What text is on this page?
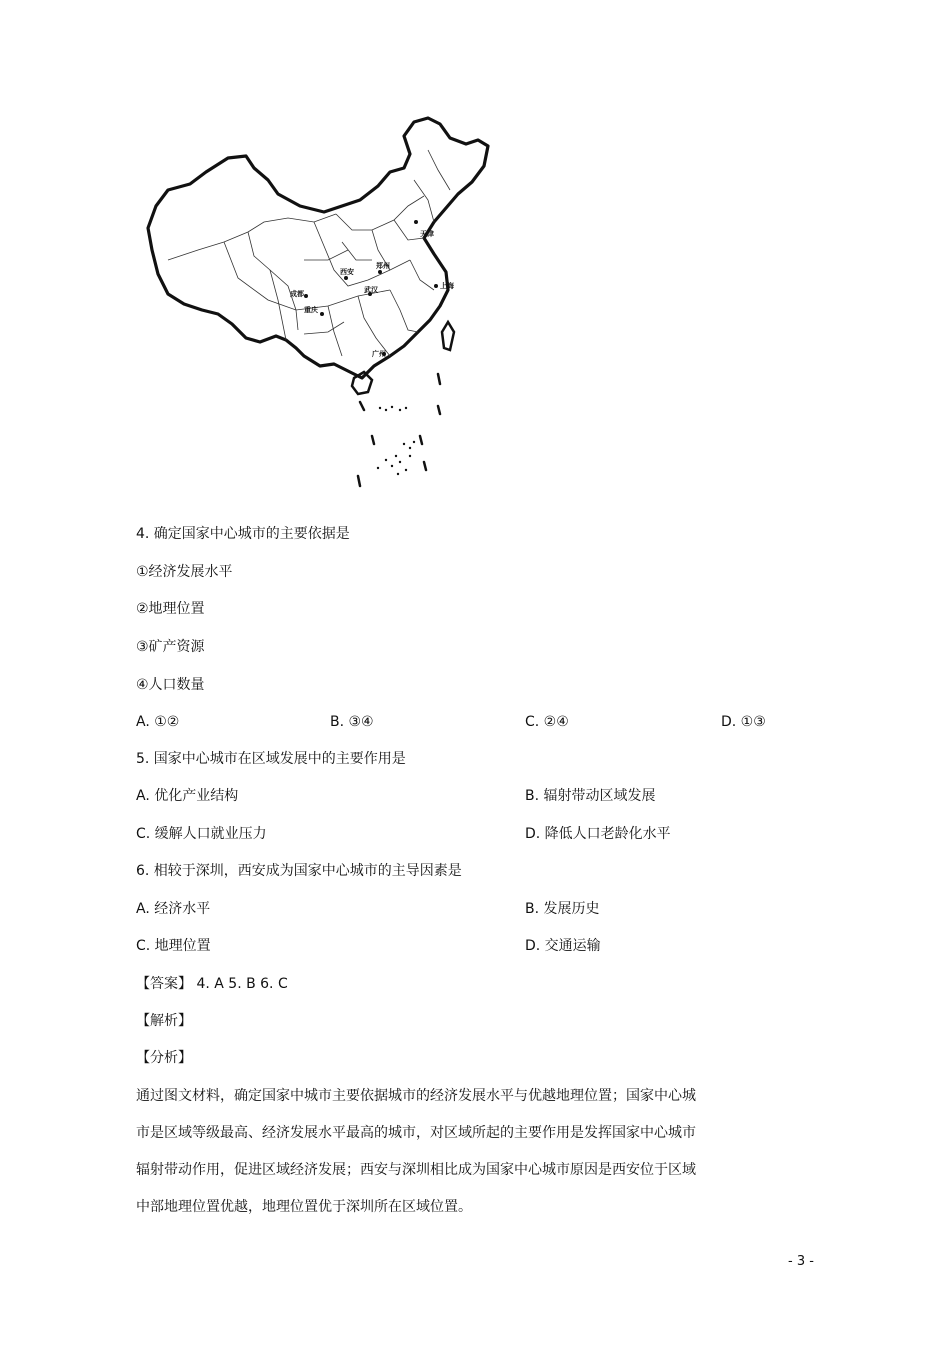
天津
郑州
西安
上海
成都	武汉
重庆
广州
4. 确定国家中心城市的主要依据是
①经济发展水平
②地理位置
③矿产资源
④人口数量
A. ①②	B. ③④	C. ②④	D. ①③
5. 国家中心城市在区域发展中的主要作用是
A. 优化产业结构	B. 辐射带动区域发展
C. 缓解人口就业压力	D. 降低人口老龄化水平
6. 相较于深圳，西安成为国家中心城市的主导因素是
A. 经济水平	B. 发展历史
C. 地理位置	D. 交通运输
【答案】 4. A 5. B 6. C
【解析】
【分析】
通过图文材料，确定国家中城市主要依据城市的经济发展水平与优越地理位置；国家中心城
市是区域等级最高、经济发展水平最高的城市，对区域所起的主要作用是发挥国家中心城市
辐射带动作用，促进区域经济发展；西安与深圳相比成为国家中心城市原因是西安位于区域
中部地理位置优越，地理位置优于深圳所在区域位置。
- 3 -
